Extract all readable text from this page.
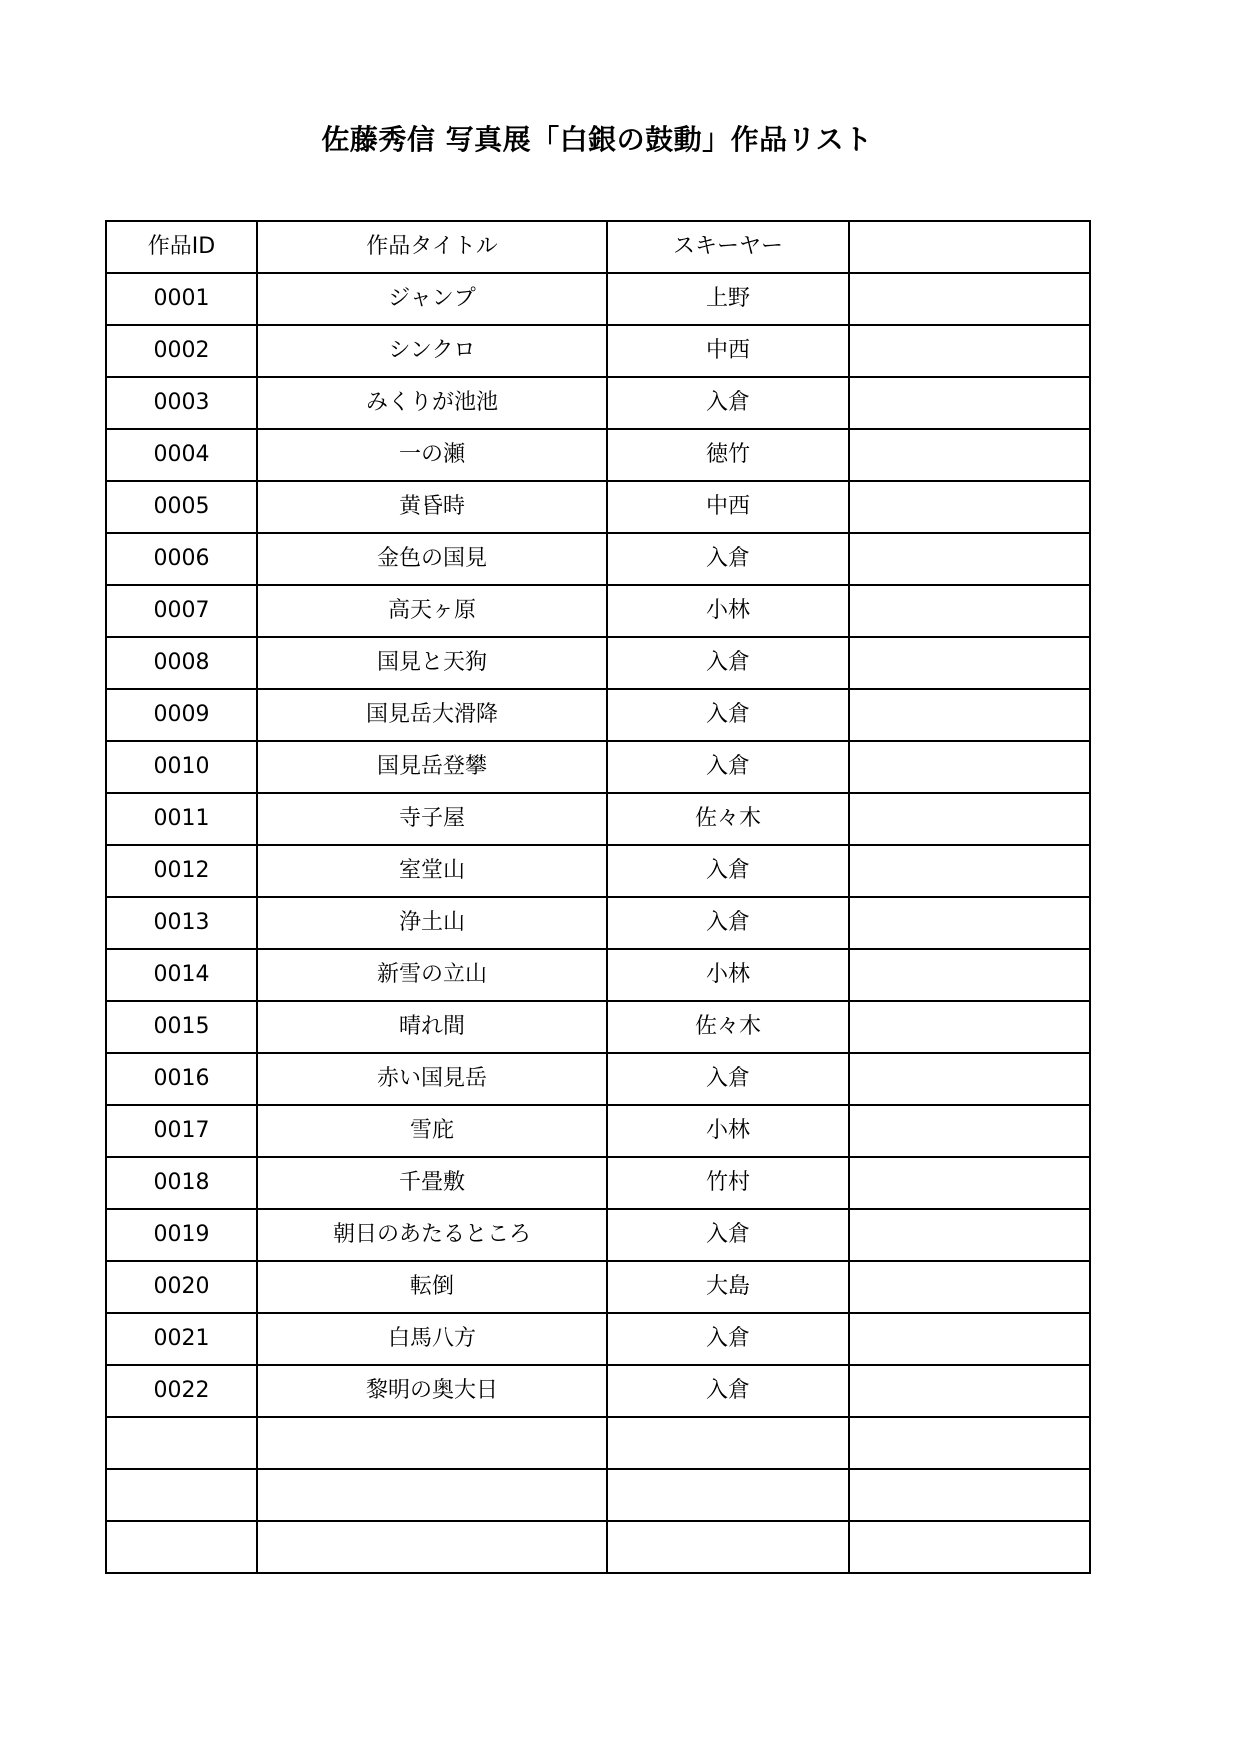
佐藤秀信 写真展「白銀の鼓動」作品リスト
作品ID	作品タイトル	スキーヤー	
0001	ジャンプ	上野	
0002	シンクロ	中西	
0003	みくりが池池	入倉	
0004	一の瀬	徳竹	
0005	黄昏時	中西	
0006	金色の国見	入倉	
0007	高天ヶ原	小林	
0008	国見と天狗	入倉	
0009	国見岳大滑降	入倉	
0010	国見岳登攀	入倉	
0011	寺子屋	佐々木	
0012	室堂山	入倉	
0013	浄土山	入倉	
0014	新雪の立山	小林	
0015	晴れ間	佐々木	
0016	赤い国見岳	入倉	
0017	雪庇	小林	
0018	千畳敷	竹村	
0019	朝日のあたるところ	入倉	
0020	転倒	大島	
0021	白馬八方	入倉	
0022	黎明の奥大日	入倉	
